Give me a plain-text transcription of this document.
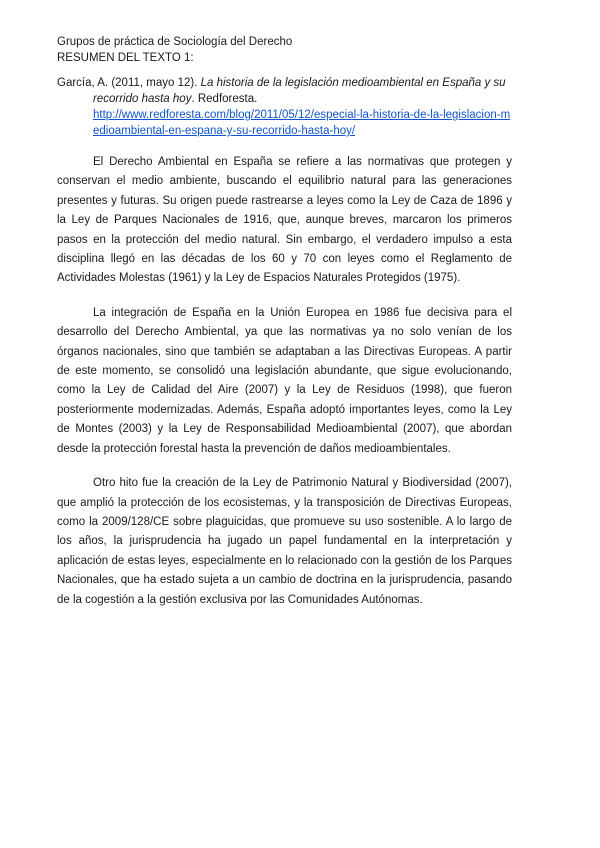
Grupos de práctica de Sociología del Derecho
RESUMEN DEL TEXTO 1:
García, A. (2011, mayo 12). La historia de la legislación medioambiental en España y su
recorrido hasta hoy. Redforesta.
http://www.redforesta.com/blog/2011/05/12/especial-la-historia-de-la-legislacion-medioambiental-en-espana-y-su-recorrido-hasta-hoy/

El Derecho Ambiental en España se refiere a las normativas que protegen y conservan el medio ambiente, buscando el equilibrio natural para las generaciones presentes y futuras. Su origen puede rastrearse a leyes como la Ley de Caza de 1896 y la Ley de Parques Nacionales de 1916, que, aunque breves, marcaron los primeros pasos en la protección del medio natural. Sin embargo, el verdadero impulso a esta disciplina llegó en las décadas de los 60 y 70 con leyes como el Reglamento de Actividades Molestas (1961) y la Ley de Espacios Naturales Protegidos (1975).

La integración de España en la Unión Europea en 1986 fue decisiva para el desarrollo del Derecho Ambiental, ya que las normativas ya no solo venían de los órganos nacionales, sino que también se adaptaban a las Directivas Europeas. A partir de este momento, se consolidó una legislación abundante, que sigue evolucionando, como la Ley de Calidad del Aire (2007) y la Ley de Residuos (1998), que fueron posteriormente modernizadas. Además, España adoptó importantes leyes, como la Ley de Montes (2003) y la Ley de Responsabilidad Medioambiental (2007), que abordan desde la protección forestal hasta la prevención de daños medioambientales.

Otro hito fue la creación de la Ley de Patrimonio Natural y Biodiversidad (2007), que amplió la protección de los ecosistemas, y la transposición de Directivas Europeas, como la 2009/128/CE sobre plaguicidas, que promueve su uso sostenible. A lo largo de los años, la jurisprudencia ha jugado un papel fundamental en la interpretación y aplicación de estas leyes, especialmente en lo relacionado con la gestión de los Parques Nacionales, que ha estado sujeta a un cambio de doctrina en la jurisprudencia, pasando de la cogestión a la gestión exclusiva por las Comunidades Autónomas.
